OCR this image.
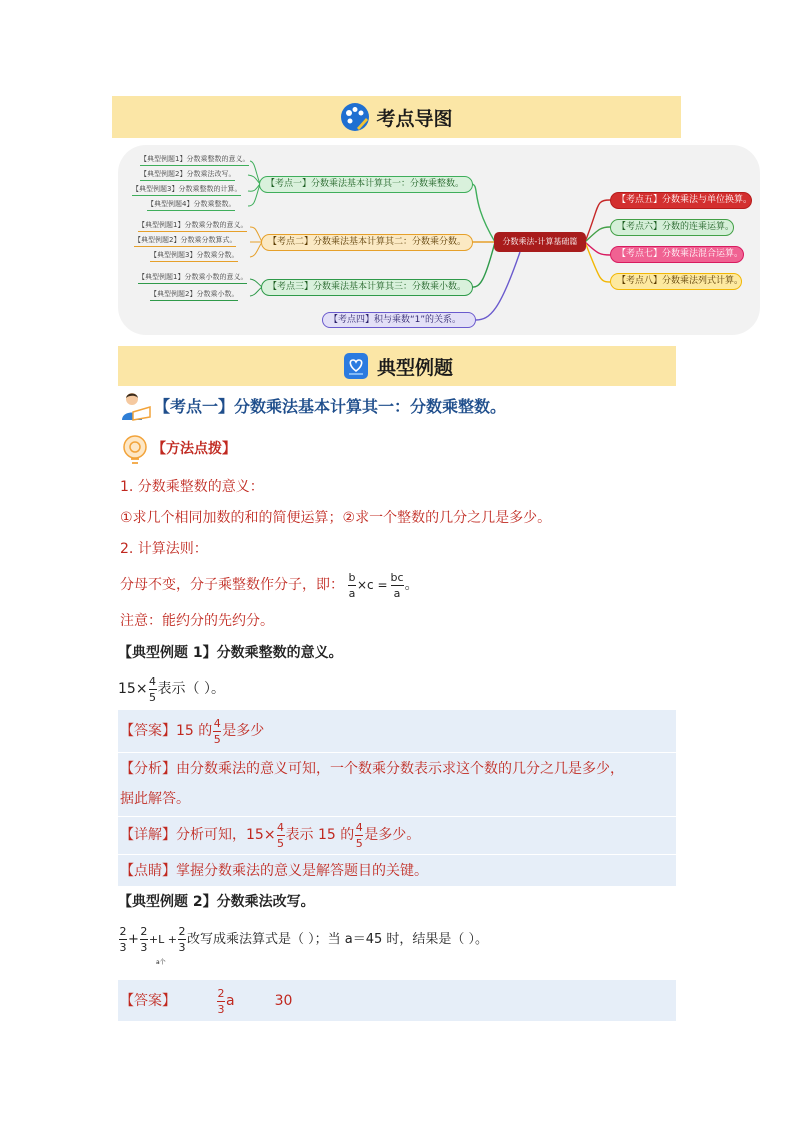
考点导图
【典型例题1】分数乘整数的意义。
【典型例题2】分数乘法改写。
【典型例题3】分数乘整数的计算。
【典型例题4】分数乘整数。
【典型例题1】分数乘分数的意义。
【典型例题2】分数乘分数算式。
【典型例题3】分数乘分数。
【典型例题1】分数乘小数的意义。
【典型例题2】分数乘小数。
【考点一】分数乘法基本计算其一：分数乘整数。
【考点二】分数乘法基本计算其二：分数乘分数。
【考点三】分数乘法基本计算其三：分数乘小数。
【考点四】积与乘数“1”的关系。
分数乘法-计算基础篇
【考点五】分数乘法与单位换算。
【考点六】分数的连乘运算。
【考点七】分数乘法混合运算。
【考点八】分数乘法列式计算。
典型例题
【考点一】分数乘法基本计算其一：分数乘整数。
【方法点拨】
1. 分数乘整数的意义：
①求几个相同加数的和的简便运算；②求一个整数的几分之几是多少。
2. 计算法则：
分母不变，分子乘整数作分子，即： $\frac{b}{a} \times c = \frac{bc}{a}$ 。
注意：能约分的先约分。
【典型例题 1】分数乘整数的意义。
$15\times \frac{4}{5}$ 表示（ ）。
【答案】 15 的 $\frac{4}{5}$ 是多少
【分析】由分数乘法的意义可知，一个数乘分数表示求这个数的几分之几是多少，
据此解答。
【详解】 分析可知， $15\times \frac{4}{5}$ 表示 15 的 $\frac{4}{5}$ 是多少。
【点睛】掌握分数乘法的意义是解答题目的关键。
【典型例题 2】分数乘法改写。
$\frac{2}{3} + \frac{2}{3} +L + \frac{2}{3}$ 改写成乘法算式是（ ）；当 a＝45 时，结果是（ ）。
a个
【答案】	$\frac{2}{3}$ a	30
